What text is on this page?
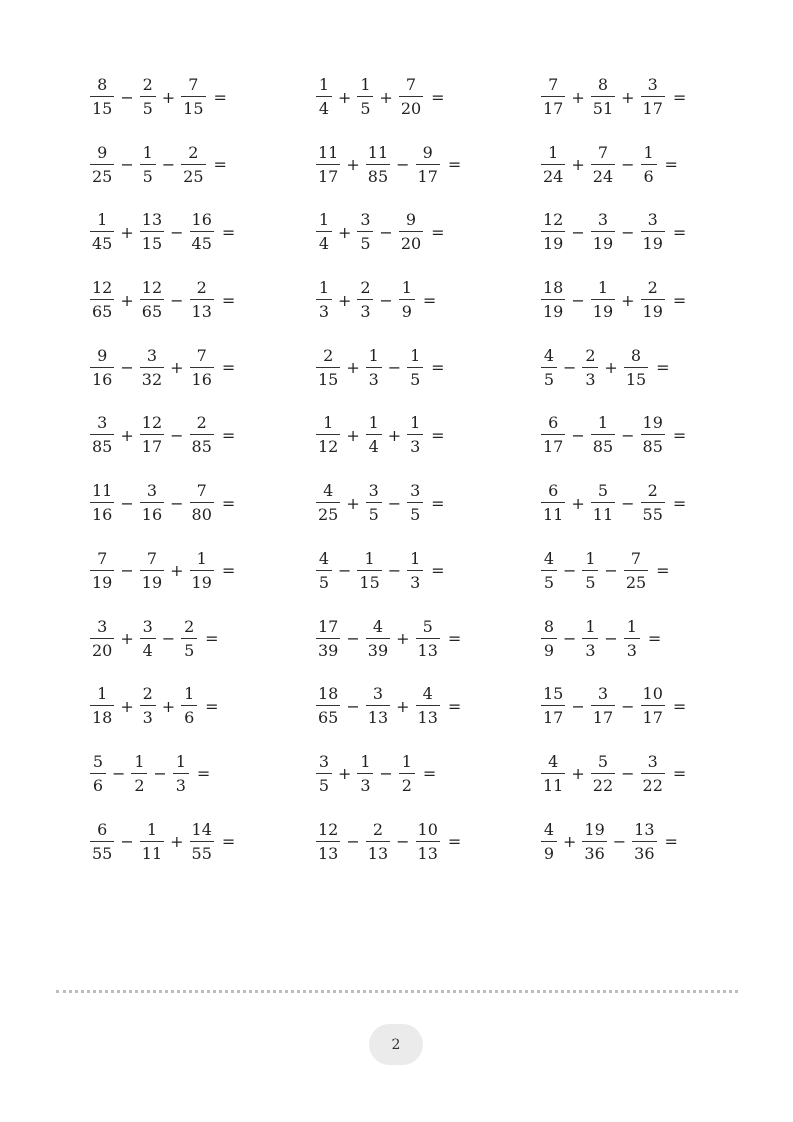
$\frac{8}{15} - \frac{2}{5} + \frac{7}{15}$ =	$\frac{1}{4} + \frac{1}{5} + \frac{7}{20}$ =	$\frac{7}{17} + \frac{8}{51} + \frac{3}{17}$ =
$\frac{9}{25} - \frac{1}{5} - \frac{2}{25}$ =	$\frac{11}{17} + \frac{11}{85} - \frac{9}{17}$ =	$\frac{1}{24} + \frac{7}{24} - \frac{1}{6}$ =
$\frac{1}{45} + \frac{13}{15} - \frac{16}{45}$ =	$\frac{1}{4} + \frac{3}{5} - \frac{9}{20}$ =	$\frac{12}{19} - \frac{3}{19} - \frac{3}{19}$ =
$\frac{12}{65} + \frac{12}{65} - \frac{2}{13}$ =	$\frac{1}{3} + \frac{2}{3} - \frac{1}{9}$ =	$\frac{18}{19} - \frac{1}{19} + \frac{2}{19}$ =
$\frac{9}{16} - \frac{3}{32} + \frac{7}{16}$ =	$\frac{2}{15} + \frac{1}{3} - \frac{1}{5}$ =	$\frac{4}{5} - \frac{2}{3} + \frac{8}{15}$ =
$\frac{3}{85} + \frac{12}{17} - \frac{2}{85}$ =	$\frac{1}{12} + \frac{1}{4} + \frac{1}{3}$ =	$\frac{6}{17} - \frac{1}{85} - \frac{19}{85}$ =
$\frac{11}{16} - \frac{3}{16} - \frac{7}{80}$ =	$\frac{4}{25} + \frac{3}{5} - \frac{3}{5}$ =	$\frac{6}{11} + \frac{5}{11} - \frac{2}{55}$ =
$\frac{7}{19} - \frac{7}{19} + \frac{1}{19}$ =	$\frac{4}{5} - \frac{1}{15} - \frac{1}{3}$ =	$\frac{4}{5} - \frac{1}{5} - \frac{7}{25}$ =
$\frac{3}{20} + \frac{3}{4} - \frac{2}{5}$ =	$\frac{17}{39} - \frac{4}{39} + \frac{5}{13}$ =	$\frac{8}{9} - \frac{1}{3} - \frac{1}{3}$ =
$\frac{1}{18} + \frac{2}{3} + \frac{1}{6}$ =	$\frac{18}{65} - \frac{3}{13} + \frac{4}{13}$ =	$\frac{15}{17} - \frac{3}{17} - \frac{10}{17}$ =
$\frac{5}{6} - \frac{1}{2} - \frac{1}{3}$ =	$\frac{3}{5} + \frac{1}{3} - \frac{1}{2}$ =	$\frac{4}{11} + \frac{5}{22} - \frac{3}{22}$ =
$\frac{6}{55} - \frac{1}{11} + \frac{14}{55}$ =	$\frac{12}{13} - \frac{2}{13} - \frac{10}{13}$ =	$\frac{4}{9} + \frac{19}{36} - \frac{13}{36}$ =
2
